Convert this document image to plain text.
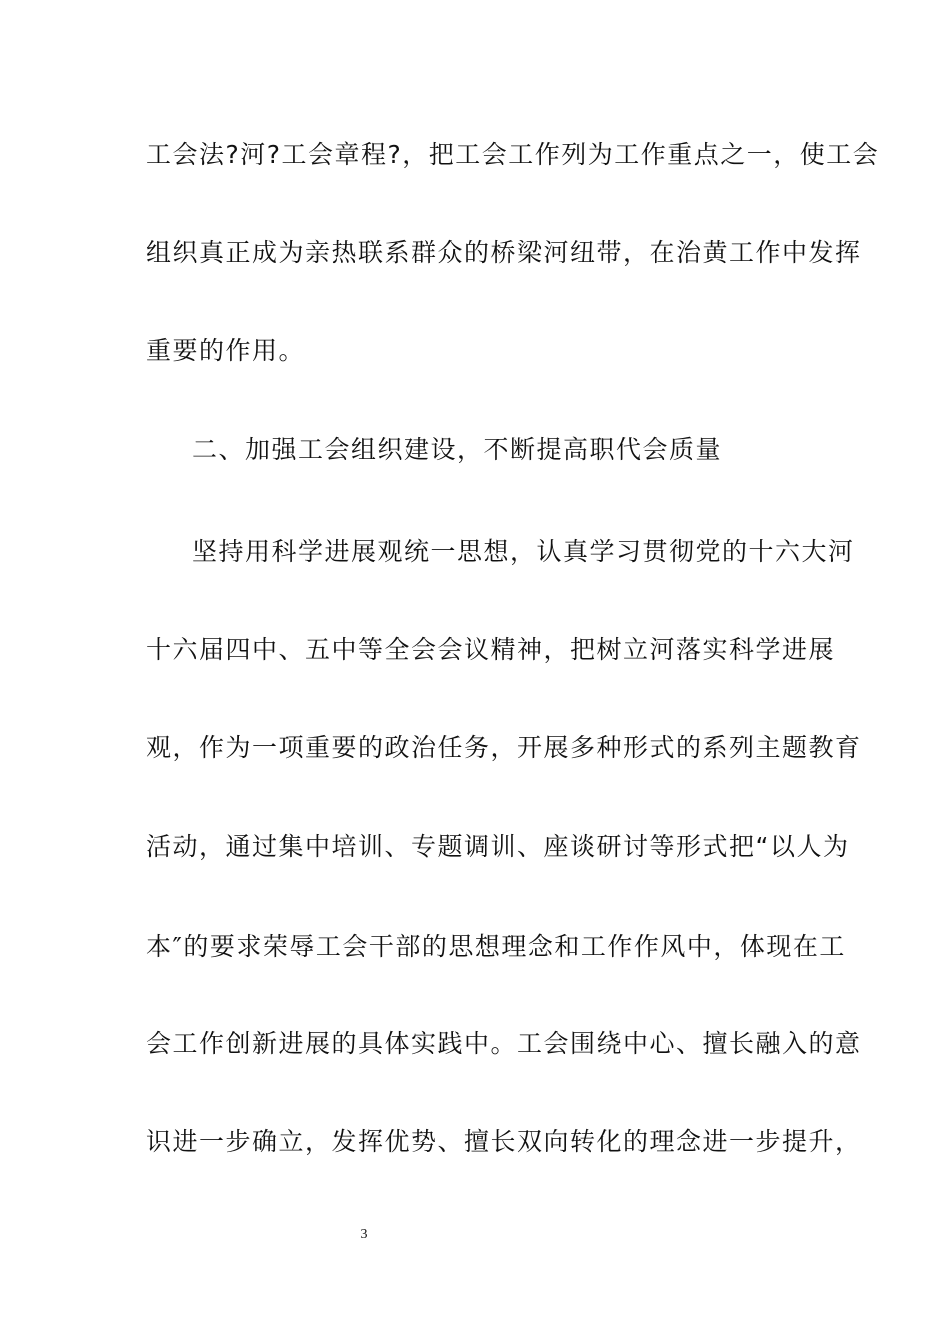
工会法?河?工会章程?，把工会工作列为工作重点之一，使工会
组织真正成为亲热联系群众的桥梁河纽带，在治黄工作中发挥
重要的作用。
二、加强工会组织建设，不断提高职代会质量
坚持用科学进展观统一思想，认真学习贯彻党的十六大河
十六届四中、五中等全会会议精神，把树立河落实科学进展
观，作为一项重要的政治任务，开展多种形式的系列主题教育
活动，通过集中培训、专题调训、座谈研讨等形式把“以人为
本″的要求荣辱工会干部的思想理念和工作作风中，体现在工
会工作创新进展的具体实践中。工会围绕中心、擅长融入的意
识进一步确立，发挥优势、擅长双向转化的理念进一步提升，
3
